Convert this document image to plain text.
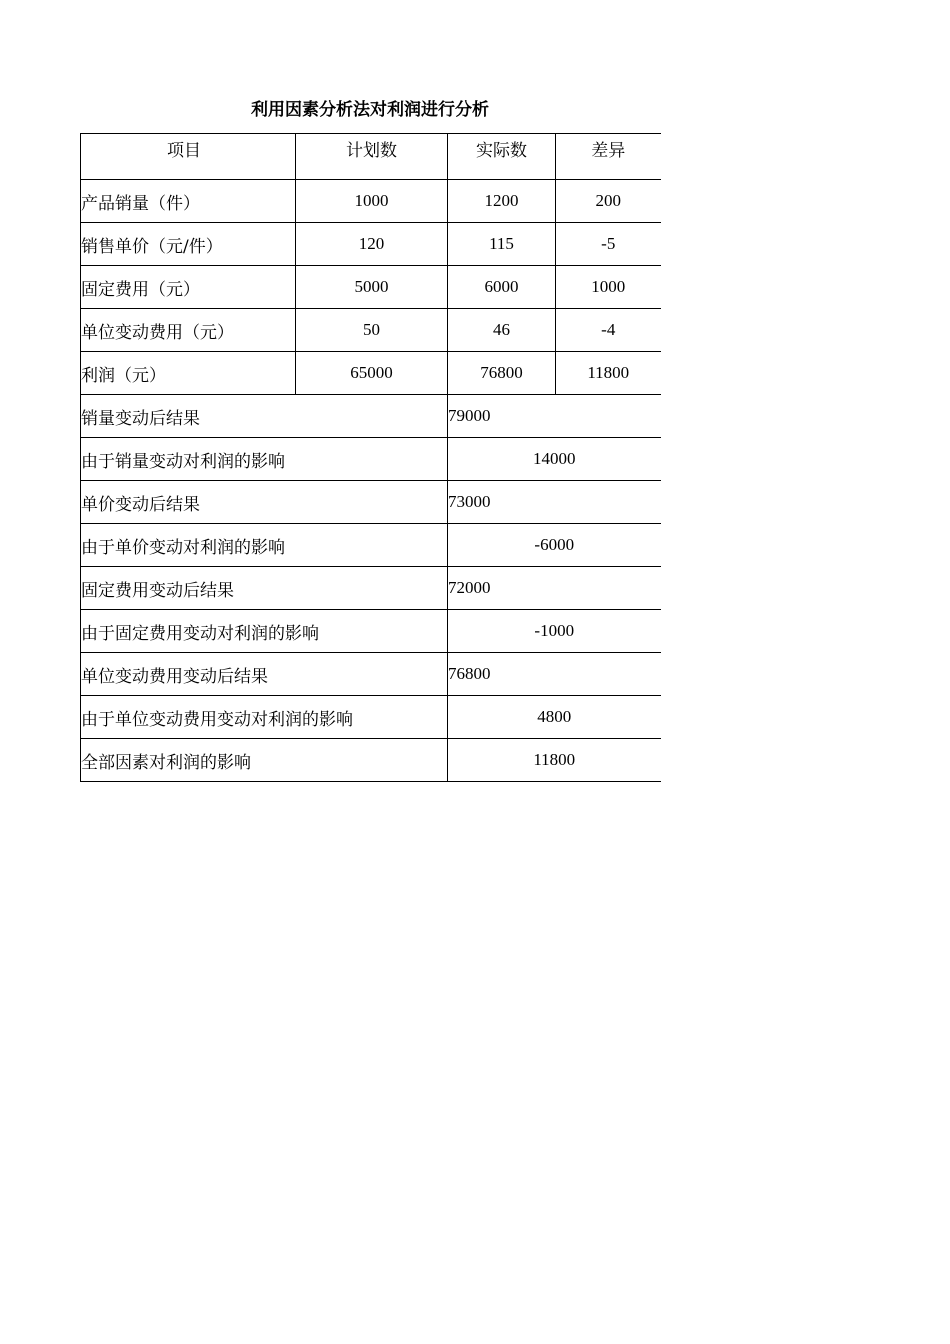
利用因素分析法对利润进行分析
项目	计划数	实际数	差异
产品销量（件）	1000	1200	200
销售单价（元/件）	120	115	-5
固定费用（元）	5000	6000	1000
单位变动费用（元）	50	46	-4
利润（元）	65000	76800	11800
销量变动后结果		79000	
由于销量变动对利润的影响		14000	
单价变动后结果		73000	
由于单价变动对利润的影响		-6000	
固定费用变动后结果		72000	
由于固定费用变动对利润的影响		-1000	
单位变动费用变动后结果		76800	
由于单位变动费用变动对利润的影响		4800	
全部因素对利润的影响		11800	
